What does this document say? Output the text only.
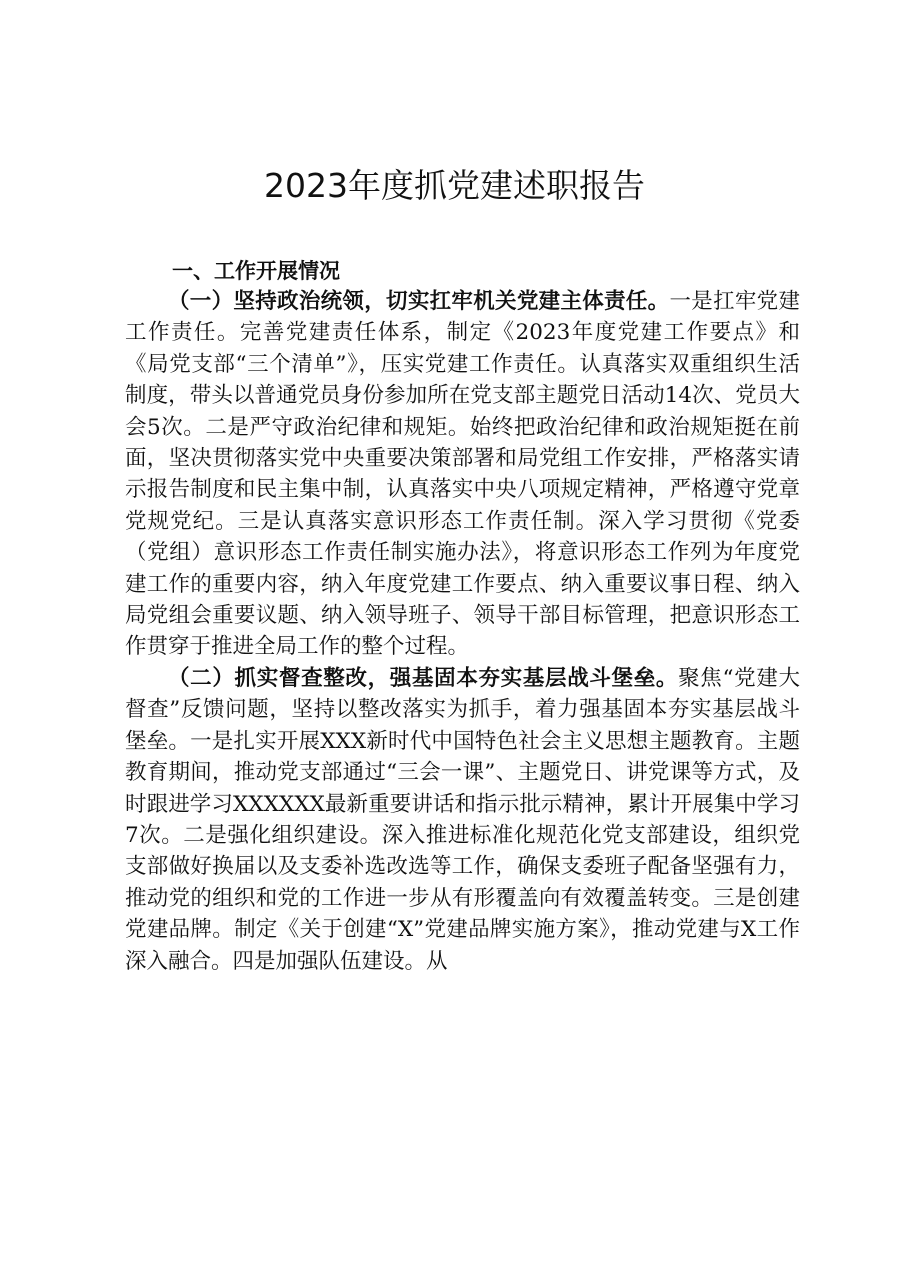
2023年度抓党建述职报告
一、工作开展情况

（一）坚持政治统领，切实扛牢机关党建主体责任。一是扛牢党建工作责任。完善党建责任体系，制定《2023年度党建工作要点》和《局党支部“三个清单”》，压实党建工作责任。认真落实双重组织生活制度，带头以普通党员身份参加所在党支部主题党日活动14次、党员大会5次。二是严守政治纪律和规矩。始终把政治纪律和政治规矩挺在前面，坚决贯彻落实党中央重要决策部署和局党组工作安排，严格落实请示报告制度和民主集中制，认真落实中央八项规定精神，严格遵守党章党规党纪。三是认真落实意识形态工作责任制。深入学习贯彻《党委（党组）意识形态工作责任制实施办法》，将意识形态工作列为年度党建工作的重要内容，纳入年度党建工作要点、纳入重要议事日程、纳入局党组会重要议题、纳入领导班子、领导干部目标管理，把意识形态工作贯穿于推进全局工作的整个过程。

（二）抓实督查整改，强基固本夯实基层战斗堡垒。聚焦“党建大督查”反馈问题，坚持以整改落实为抓手，着力强基固本夯实基层战斗堡垒。一是扎实开展XXX新时代中国特色社会主义思想主题教育。主题教育期间，推动党支部通过“三会一课”、主题党日、讲党课等方式，及时跟进学习XXXXXX最新重要讲话和指示批示精神，累计开展集中学习7次。二是强化组织建设。深入推进标准化规范化党支部建设，组织党支部做好换届以及支委补选改选等工作，确保支委班子配备坚强有力，推动党的组织和党的工作进一步从有形覆盖向有效覆盖转变。三是创建党建品牌。制定《关于创建“X”党建品牌实施方案》，推动党建与X工作深入融合。四是加强队伍建设。从
